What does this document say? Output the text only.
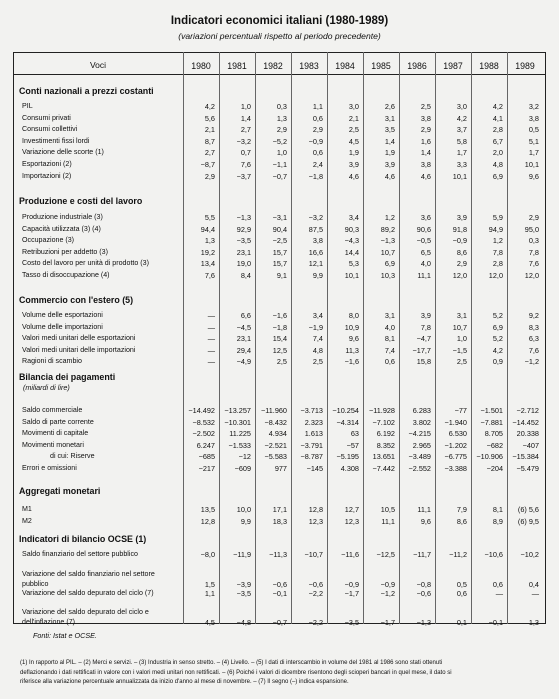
Indicatori economici italiani (1980-1989)
(variazioni percentuali rispetto al periodo precedente)
Voci	1980	1981	1982	1983	1984	1985	1986	1987	1988	1989
Conti nazionali a prezzi costanti
PIL	4,2	1,0	0,3	1,1	3,0	2,6	2,5	3,0	4,2	3,2
Consumi privati	5,6	1,4	1,3	0,6	2,1	3,1	3,8	4,2	4,1	3,8
Consumi collettivi	2,1	2,7	2,9	2,9	2,5	3,5	2,9	3,7	2,8	0,5
Investimenti fissi lordi	8,7	−3,2	−5,2	−0,9	4,5	1,4	1,6	5,8	6,7	5,1
Variazione delle scorte (1)	2,7	0,7	1,0	0,6	1,9	1,9	1,4	1,7	2,0	1,7
Esportazioni (2)	−8,7	7,6	−1,1	2,4	3,9	3,9	3,8	3,3	4,8	10,1
Importazioni (2)	2,9	−3,7	−0,7	−1,8	4,6	4,6	4,6	10,1	6,9	9,6
Produzione e costi del lavoro
Produzione industriale (3)	5,5	−1,3	−3,1	−3,2	3,4	1,2	3,6	3,9	5,9	2,9
Capacità utilizzata (3) (4)	94,4	92,9	90,4	87,5	90,3	89,2	90,6	91,8	94,9	95,0
Occupazione (3)	1,3	−3,5	−2,5	3,8	−4,3	−1,3	−0,5	−0,9	1,2	0,3
Retribuzioni per addetto (3)	19,2	23,1	15,7	16,6	14,4	10,7	6,5	8,6	7,8	7,8
Costo del lavoro per unità di prodotto (3)	13,4	19,0	15,7	12,1	5,3	6,9	4,0	2,9	2,8	7,6
Tasso di disoccupazione (4)	7,6	8,4	9,1	9,9	10,1	10,3	11,1	12,0	12,0	12,0
Commercio con l'estero (5)
Volume delle esportazioni	—	6,6	−1,6	3,4	8,0	3,1	3,9	3,1	5,2	9,2
Volume delle importazioni	—	−4,5	−1,8	−1,9	10,9	4,0	7,8	10,7	6,9	8,3
Valori medi unitari delle esportazioni	—	23,1	15,4	7,4	9,6	8,1	−4,7	1,0	5,2	6,3
Valori medi unitari delle importazioni	—	29,4	12,5	4,8	11,3	7,4	−17,7	−1,5	4,2	7,6
Ragioni di scambio	—	−4,9	2,5	2,5	−1,6	0,6	15,8	2,5	0,9	−1,2
Bilancia dei pagamenti
(miliardi di lire)
Saldo commerciale	−14.492	−13.257	−11.960	−3.713	−10.254	−11.928	6.283	−77	−1.501	−2.712
Saldo di parte corrente	−8.532	−10.301	−8.432	2.323	−4.314	−7.102	3.802	−1.940	−7.881	−14.452
Movimenti di capitale	−2.502	11.225	4.934	1.613	63	6.192	−4.215	6.530	8.705	20.338
Movimenti monetari	6.247	−1.533	−2.521	−3.791	−57	8.352	2.965	−1.202	−682	−407
di cui: Riserve	−685	−12	−5.583	−8.787	−5.195	13.651	−3.489	−6.775	−10.906	−15.384
Errori e omissioni	−217	−609	977	−145	4.308	−7.442	−2.552	−3.388	−204	−5.479
Aggregati monetari
M1	13,5	10,0	17,1	12,8	12,7	10,5	11,1	7,9	8,1	(6) 5,6
M2	12,8	9,9	18,3	12,3	12,3	11,1	9,6	8,6	8,9	(6) 9,5
Indicatori di bilancio OCSE (1)
Saldo finanziario del settore pubblico	−8,0	−11,9	−11,3	−10,7	−11,6	−12,5	−11,7	−11,2	−10,6	−10,2
Variazione del saldo finanziario nel settore
pubblico	1,5	−3,9	−0,6	−0,6	−0,9	−0,9	−0,8	0,5	0,6	0,4
Variazione del saldo depurato del ciclo (7)	1,1	−3,5	−0,1	−2,2	−1,7	−1,2	−0,6	0,6	—	—
Variazione del saldo depurato del ciclo e
dell'inflazione (7)	4,5	−4,8	−0,7	−2,2	−3,5	−1,7	−1,3	0,1	−0,1	1,3
Fonti: Istat e OCSE.
(1) In rapporto al PIL. – (2) Merci e servizi. – (3) Industria in senso stretto. – (4) Livello. – (5) I dati di interscambio in volume del 1981 al 1986 sono stati ottenuti
deflazionando i dati rettificati in valore con i valori medi unitari non rettificati. – (6) Poiché i valori di dicembre risentono degli scioperi bancari in quel mese, il dato si
riferisce alla variazione percentuale annualizzata da inizio d'anno al mese di novembre. – (7) Il segno (–) indica espansione.
